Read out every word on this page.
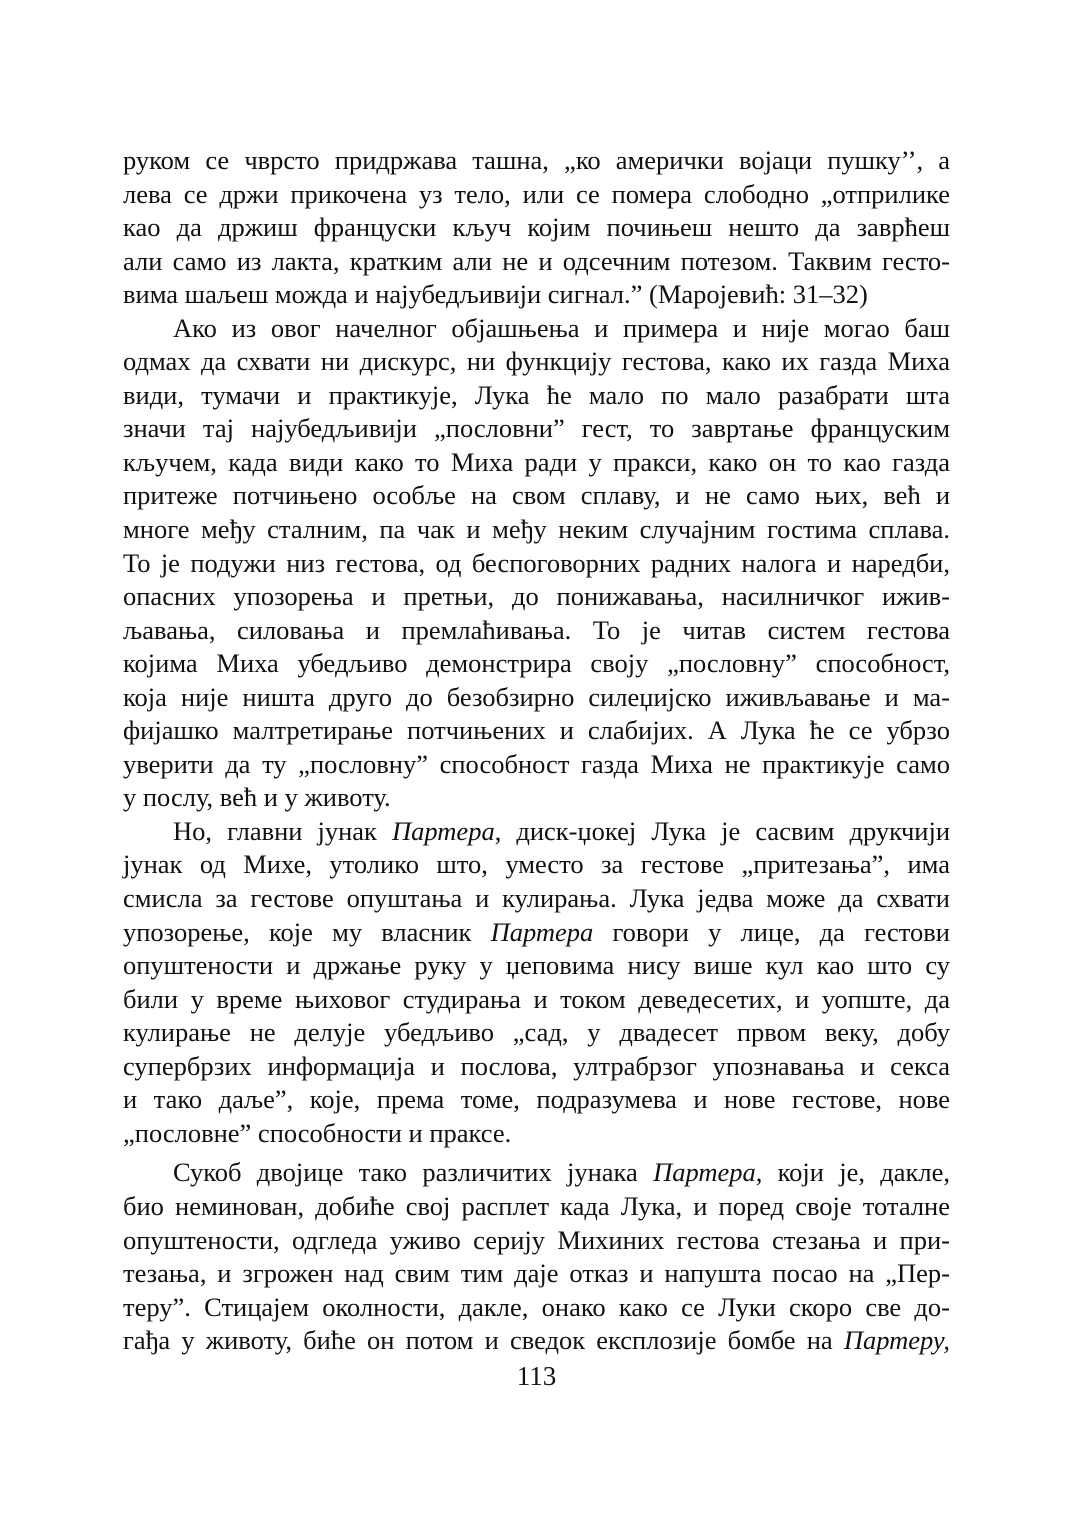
руком се чврсто придржава ташна, „ко амерички војаци пушку’’, а
лева се држи прикочена уз тело, или се помера слободно „отприлике
као да држиш француски кључ којим почињеш нешто да заврћеш
али само из лакта, кратким али не и одсечним потезом. Таквим гесто-
вима шаљеш можда и најубедљивији сигнал.” (Маројевић: 31–32)
Ако из овог начелног објашњења и примера и није могао баш
одмах да схвати ни дискурс, ни функцију гестова, како их газда Миха
види, тумачи и практикује, Лука ће мало по мало разабрати шта
значи тај најубедљивији „пословни” гест, то завртање француским
кључем, када види како то Миха ради у пракси, како он то као газда
притеже потчињено особље на свом сплаву, и не само њих, већ и
многе међу сталним, па чак и међу неким случајним гостима сплава.
То је подужи низ гестова, од беспоговорних радних налога и наредби,
опасних упозорења и претњи, до понижавања, насилничког ижив-
љавања, силовања и премлаћивања. То је читав систем гестова
којима Миха убедљиво демонстрира своју „пословну” способност,
која није ништа друго до безобзирно силеџијско иживљавање и ма-
фијашко малтретирање потчињених и слабијих. А Лука ће се убрзо
уверити да ту „пословну” способност газда Миха не практикује само
у послу, већ и у животу.
Но, главни јунак Партера, диск-џокеј Лука је сасвим друкчији
јунак од Михе, утолико што, уместо за гестове „притезања”, има
смисла за гестове опуштања и кулирања. Лука једва може да схвати
упозорење, које му власник Партера говори у лице, да гестови
опуштености и држање руку у џеповима нису више кул као што су
били у време њиховог студирања и током деведесетих, и уопште, да
кулирање не делује убедљиво „сад, у двадесет првом веку, добу
супербрзих информација и послова, ултрабрзог упознавања и секса
и тако даље”, које, према томе, подразумева и нове гестове, нове
„пословне” способности и праксе.
Сукоб двојице тако различитих јунака Партера, који је, дакле,
био неминован, добиће свој расплет када Лука, и поред своје тоталне
опуштености, одгледа уживо серију Михиних гестова стезања и при-
тезања, и згрожен над свим тим даје отказ и напушта посао на „Пер-
теру”. Стицајем околности, дакле, онако како се Луки скоро све до-
гађа у животу, биће он потом и сведок експлозије бомбе на Партеру,
113
